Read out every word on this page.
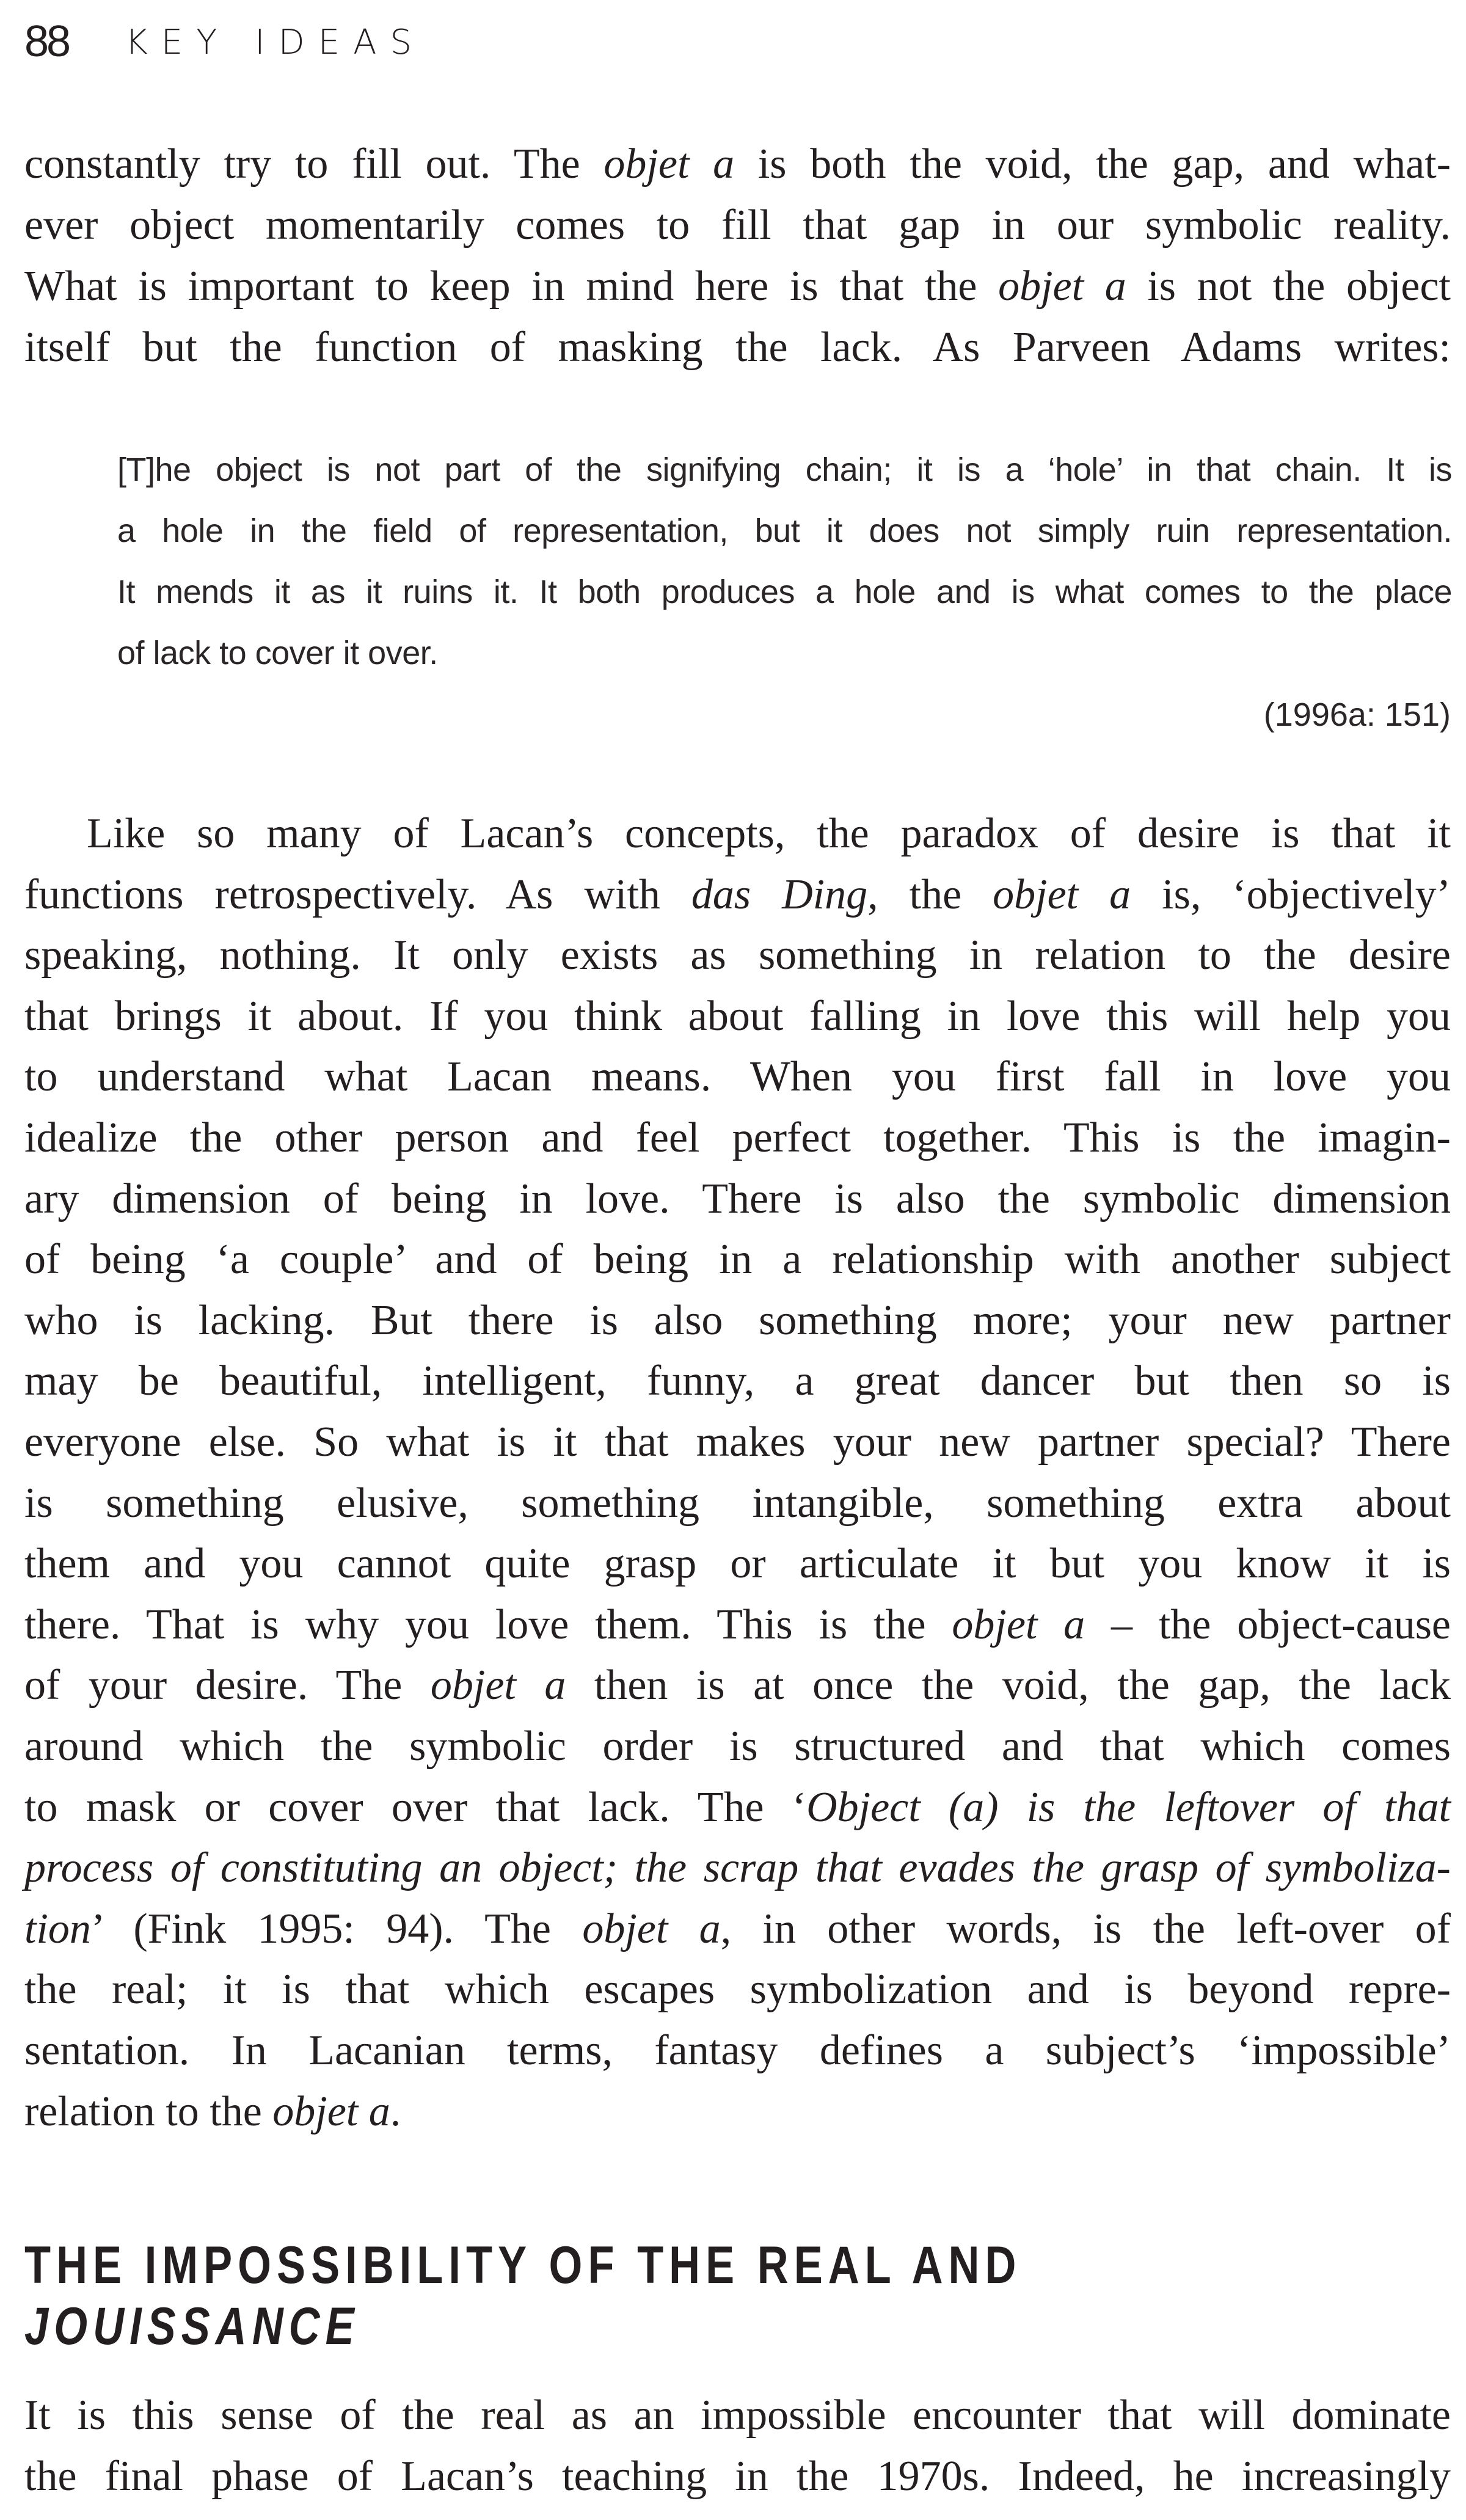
88 KEY IDEAS
constantly try to fill out. The objet a is both the void, the gap, and what-
ever object momentarily comes to fill that gap in our symbolic reality.
What is important to keep in mind here is that the objet a is not the object
itself but the function of masking the lack. As Parveen Adams writes:
[T]he object is not part of the signifying chain; it is a ‘hole’ in that chain. It is
a hole in the field of representation, but it does not simply ruin representation.
It mends it as it ruins it. It both produces a hole and is what comes to the place
of lack to cover it over.
(1996a: 151)
Like so many of Lacan’s concepts, the paradox of desire is that it
functions retrospectively. As with das Ding, the objet a is, ‘objectively’
speaking, nothing. It only exists as something in relation to the desire
that brings it about. If you think about falling in love this will help you
to understand what Lacan means. When you first fall in love you
idealize the other person and feel perfect together. This is the imagin-
ary dimension of being in love. There is also the symbolic dimension
of being ‘a couple’ and of being in a relationship with another subject
who is lacking. But there is also something more; your new partner
may be beautiful, intelligent, funny, a great dancer but then so is
everyone else. So what is it that makes your new partner special? There
is something elusive, something intangible, something extra about
them and you cannot quite grasp or articulate it but you know it is
there. That is why you love them. This is the objet a – the object-cause
of your desire. The objet a then is at once the void, the gap, the lack
around which the symbolic order is structured and that which comes
to mask or cover over that lack. The ‘Object (a) is the leftover of that
process of constituting an object; the scrap that evades the grasp of symboliza-
tion’ (Fink 1995: 94). The objet a, in other words, is the left-over of
the real; it is that which escapes symbolization and is beyond repre-
sentation. In Lacanian terms, fantasy defines a subject’s ‘impossible’
relation to the objet a.
THE IMPOSSIBILITY OF THE REAL AND
JOUISSANCE
It is this sense of the real as an impossible encounter that will dominate
the final phase of Lacan’s teaching in the 1970s. Indeed, he increasingly
